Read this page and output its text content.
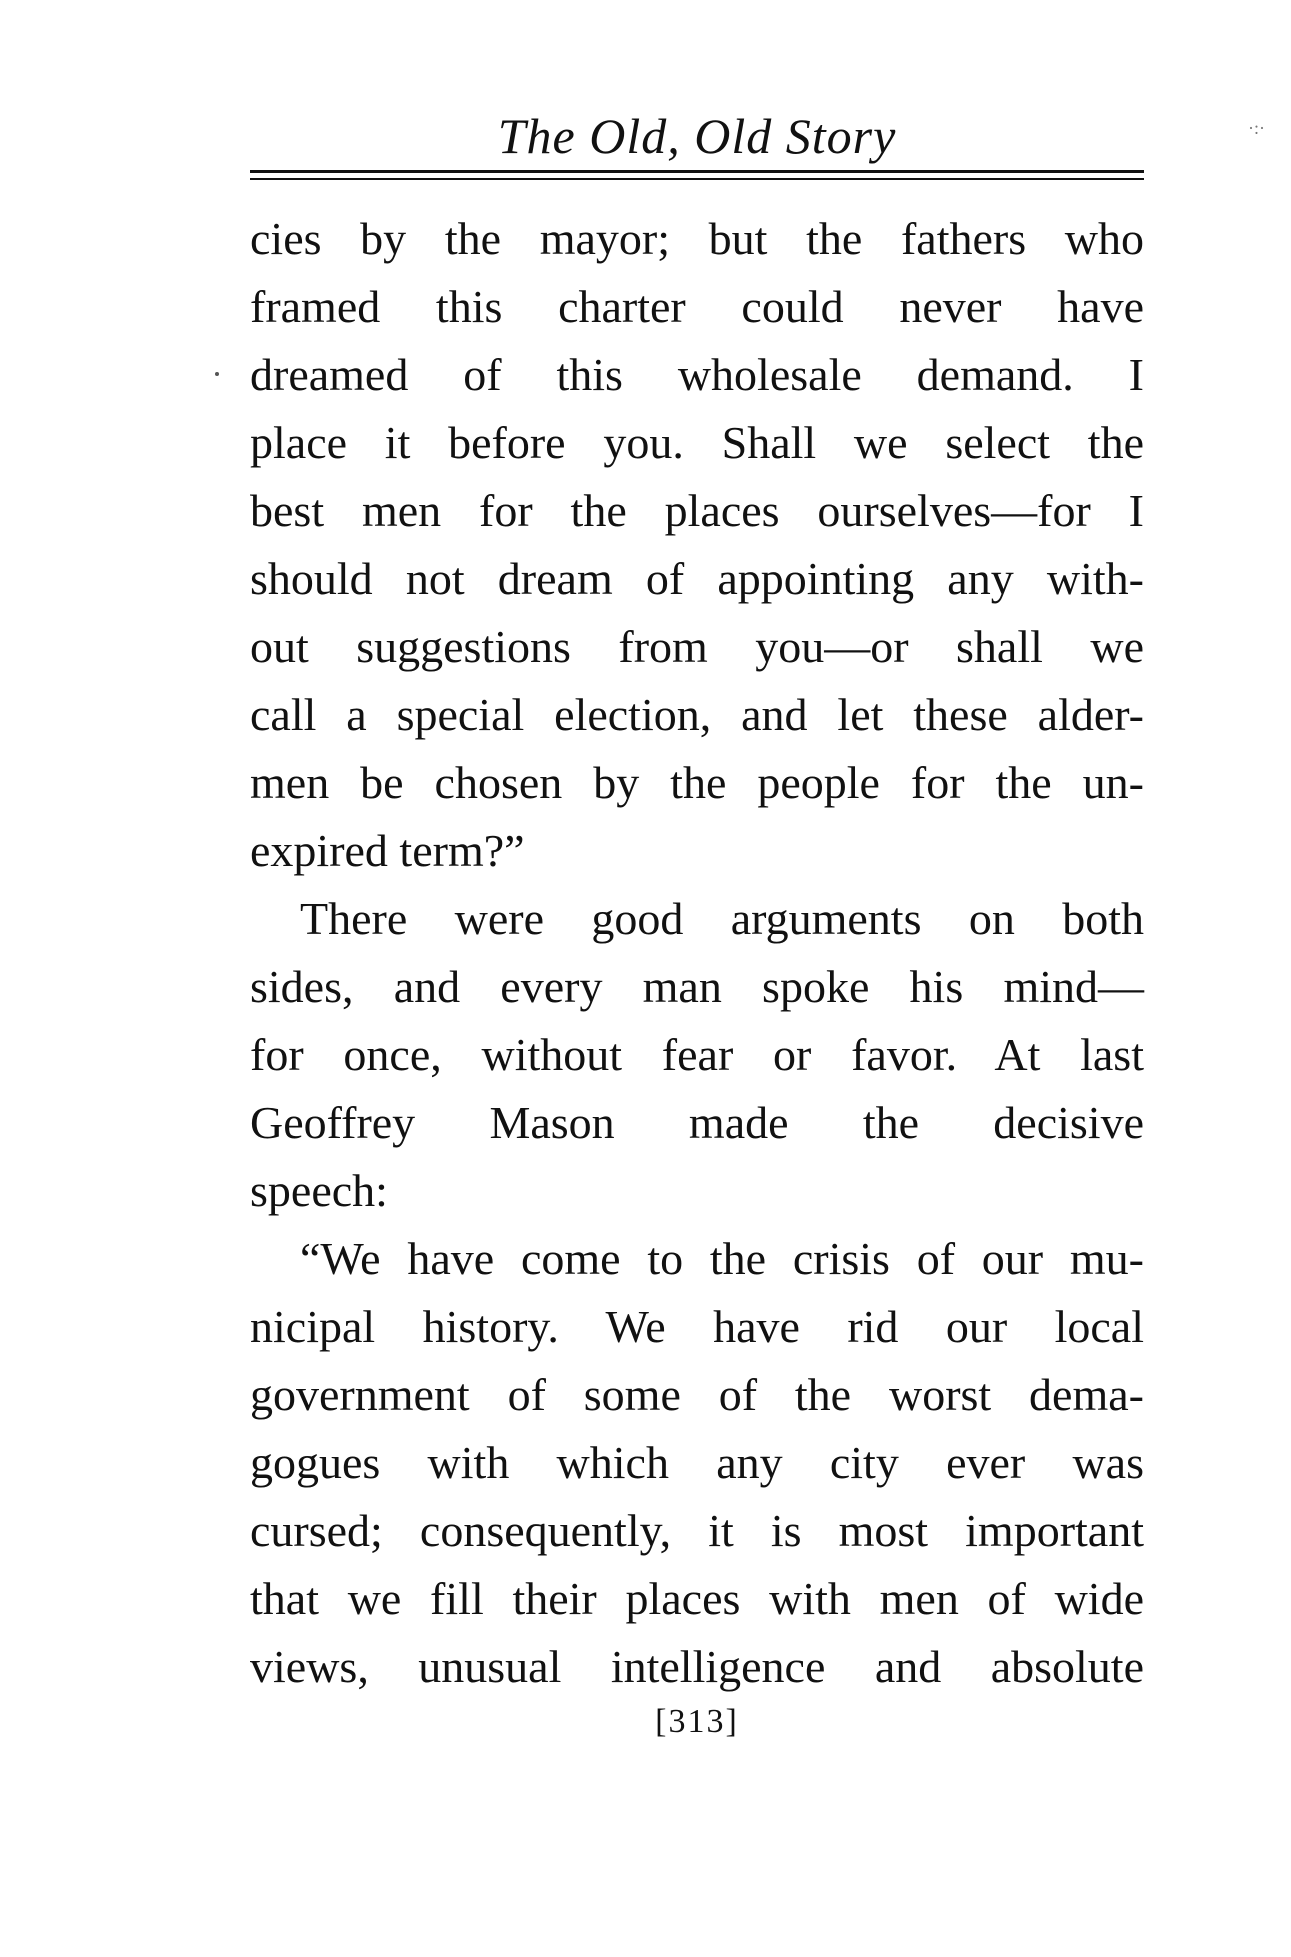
The Old, Old Story	·:·
cies by the mayor; but the fathers who
framed this charter could never have
dreamed of this wholesale demand. I
place it before you. Shall we select the
best men for the places ourselves—for I
should not dream of appointing any with-
out suggestions from you—or shall we
call a special election, and let these alder-
men be chosen by the people for the un-
expired term?”
There were good arguments on both
sides, and every man spoke his mind—
for once, without fear or favor. At last
Geoffrey Mason made the decisive
speech:
“We have come to the crisis of our mu-
nicipal history. We have rid our local
government of some of the worst dema-
gogues with which any city ever was
cursed; consequently, it is most important
that we fill their places with men of wide
views, unusual intelligence and absolute
[313]
